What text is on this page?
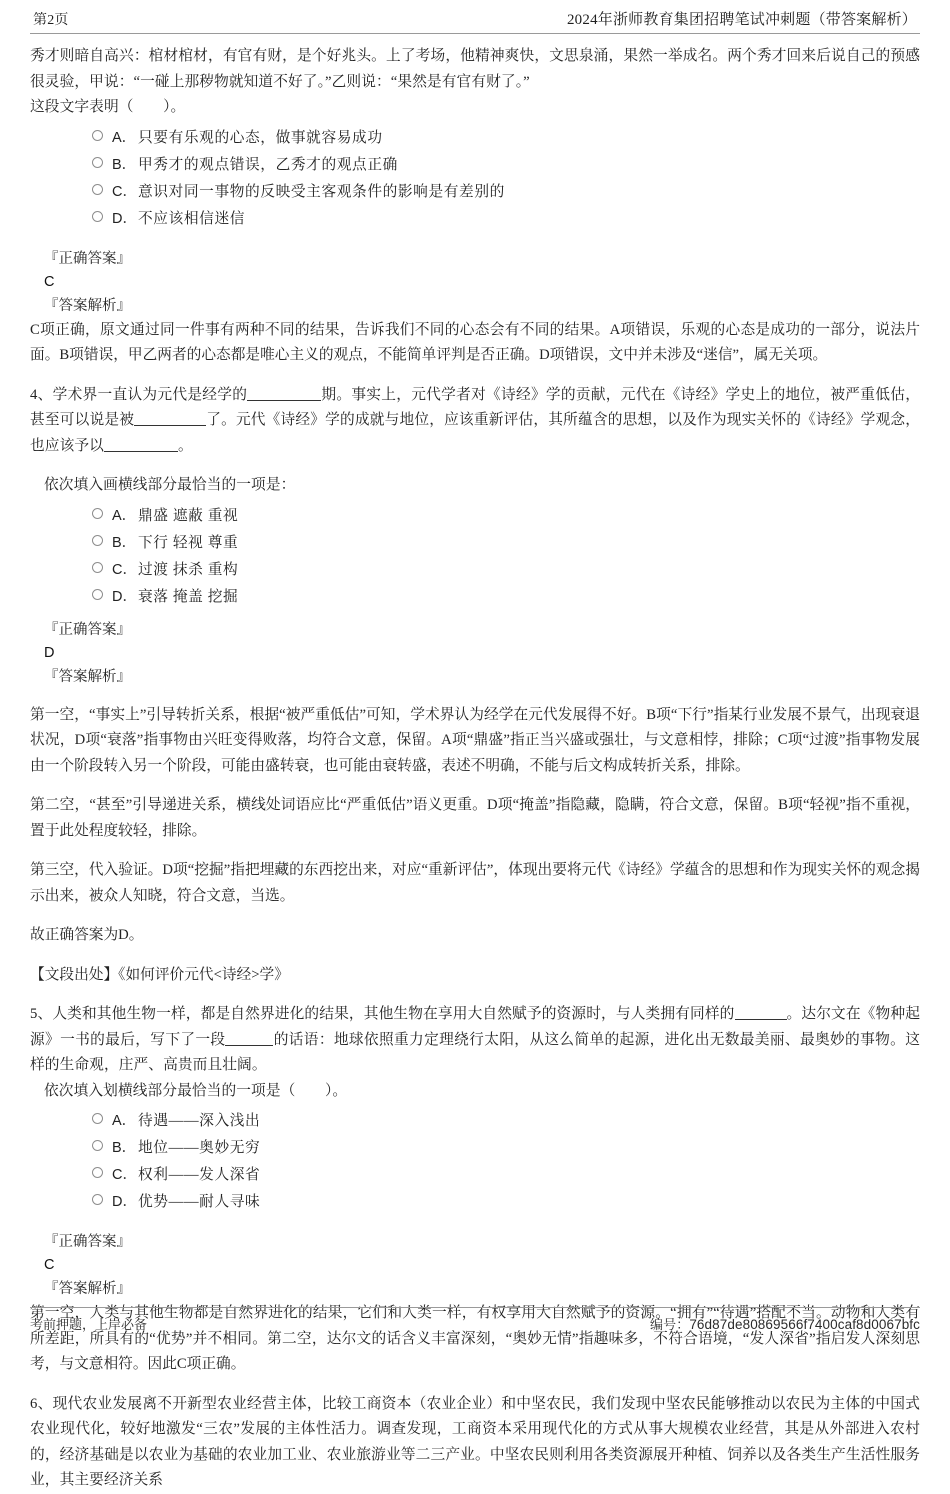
第2页	2024年浙师教育集团招聘笔试冲刺题（带答案解析）

秀才则暗自高兴：棺材棺材，有官有财，是个好兆头。上了考场，他精神爽快，文思泉涌，果然一举成名。两个秀才回来后说自己的预感很灵验，甲说：“一碰上那秽物就知道不好了。”乙则说：“果然是有官有财了。”

这段文字表明（　　）。

A． 只要有乐观的心态，做事就容易成功
B． 甲秀才的观点错误，乙秀才的观点正确
C． 意识对同一事物的反映受主客观条件的影响是有差别的
D． 不应该相信迷信
『正确答案』
C
『答案解析』

C项正确，原文通过同一件事有两种不同的结果，告诉我们不同的心态会有不同的结果。A项错误，乐观的心态是成功的一部分，说法片面。B项错误，甲乙两者的心态都是唯心主义的观点，不能简单评判是否正确。D项错误，文中并未涉及“迷信”，属无关项。

4、学术界一直认为元代是经学的	期。事实上，元代学者对《诗经》学的贡献，元代在《诗经》学史上的地位，被严重低估，甚至可以说是被	了。元代《诗经》学的成就与地位，应该重新评估，其所蕴含的思想，以及作为现实关怀的《诗经》学观念，也应该予以	。

依次填入画横线部分最恰当的一项是：

A． 鼎盛 遮蔽 重视
B． 下行 轻视 尊重
C． 过渡 抹杀 重构
D． 衰落 掩盖 挖掘
『正确答案』
D
『答案解析』

第一空，“事实上”引导转折关系，根据“被严重低估”可知，学术界认为经学在元代发展得不好。B项“下行”指某行业发展不景气，出现衰退状况，D项“衰落”指事物由兴旺变得败落，均符合文意，保留。A项“鼎盛”指正当兴盛或强壮，与文意相悖，排除；C项“过渡”指事物发展由一个阶段转入另一个阶段，可能由盛转衰，也可能由衰转盛，表述不明确，不能与后文构成转折关系，排除。

第二空，“甚至”引导递进关系，横线处词语应比“严重低估”语义更重。D项“掩盖”指隐藏，隐瞒，符合文意，保留。B项“轻视”指不重视，置于此处程度较轻，排除。

第三空，代入验证。D项“挖掘”指把埋藏的东西挖出来，对应“重新评估”，体现出要将元代《诗经》学蕴含的思想和作为现实关怀的观念揭示出来，被众人知晓，符合文意，当选。

故正确答案为D。

【文段出处】《如何评价元代<诗经>学》

5、人类和其他生物一样，都是自然界进化的结果，其他生物在享用大自然赋予的资源时，与人类拥有同样的	。达尔文在《物种起源》一书的最后，写下了一段	的话语：地球依照重力定理绕行太阳，从这么简单的起源，进化出无数最美丽、最奥妙的事物。这样的生命观，庄严、高贵而且壮阔。

依次填入划横线部分最恰当的一项是（　　）。

A． 待遇——深入浅出
B． 地位——奥妙无穷
C． 权利——发人深省
D． 优势——耐人寻味
『正确答案』
C
『答案解析』

第一空，人类与其他生物都是自然界进化的结果，它们和人类一样，有权享用大自然赋予的资源。“拥有”“待遇”搭配不当。动物和人类有所差距，所具有的“优势”并不相同。第二空，达尔文的话含义丰富深刻，“奥妙无情”指趣味多，不符合语境，“发人深省”指启发人深刻思考，与文意相符。因此C项正确。

6、现代农业发展离不开新型农业经营主体，比较工商资本（农业企业）和中坚农民，我们发现中坚农民能够推动以农民为主体的中国式农业现代化，较好地激发“三农”发展的主体性活力。调查发现，工商资本采用现代化的方式从事大规模农业经营，其是从外部进入农村的，经济基础是以农业为基础的农业加工业、农业旅游业等二三产业。中坚农民则利用各类资源展开种植、饲养以及各类生产生活性服务业，其主要经济关系

考前押题，上岸必备	编号：76d87de80869566f7400caf8d0067bfc
